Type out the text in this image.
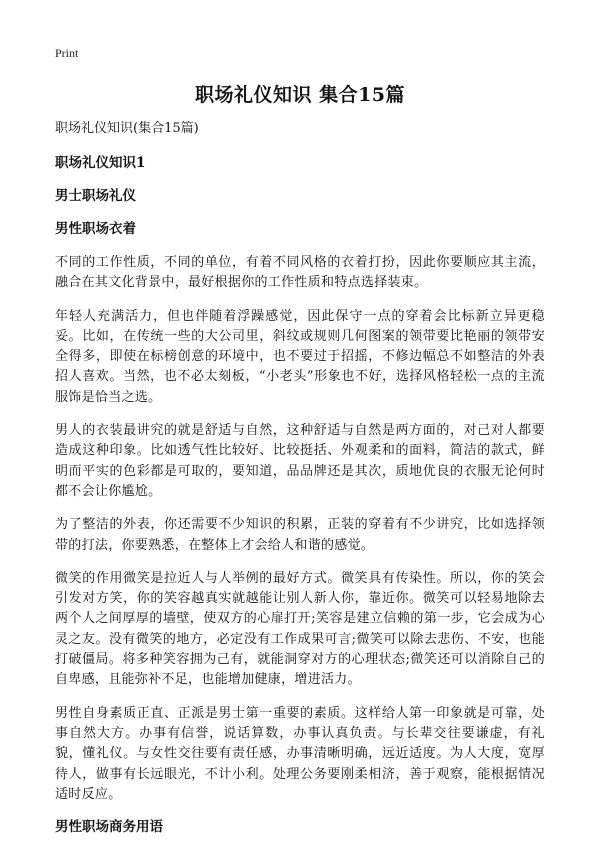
Print
职场礼仪知识 集合15篇
职场礼仪知识(集合15篇)
职场礼仪知识1
男士职场礼仪
男性职场衣着

不同的工作性质，不同的单位，有着不同风格的衣着打扮，因此你要顺应其主流，融合在其文化背景中，最好根据你的工作性质和特点选择装束。

年轻人充满活力，但也伴随着浮躁感觉，因此保守一点的穿着会比标新立异更稳妥。比如，在传统一些的大公司里，斜纹或规则几何图案的领带要比艳丽的领带安全得多，即使在标榜创意的环境中，也不要过于招摇，不修边幅总不如整洁的外表招人喜欢。当然，也不必太刻板，“小老头”形象也不好，选择风格轻松一点的主流服饰是恰当之选。

男人的衣装最讲究的就是舒适与自然，这种舒适与自然是两方面的，对己对人都要造成这种印象。比如透气性比较好、比较挺括、外观柔和的面料，简洁的款式，鲜明而平实的色彩都是可取的，要知道，品品牌还是其次，质地优良的衣服无论何时都不会让你尴尬。

为了整洁的外表，你还需要不少知识的积累，正装的穿着有不少讲究，比如选择领带的打法，你要熟悉，在整体上才会给人和谐的感觉。

微笑的作用微笑是拉近人与人举例的最好方式。微笑具有传染性。所以，你的笑会引发对方笑，你的笑容越真实就越能让别人新人你，靠近你。微笑可以轻易地除去两个人之间厚厚的墙壁，使双方的心扉打开;笑容是建立信赖的第一步，它会成为心灵之友。没有微笑的地方，必定没有工作成果可言;微笑可以除去悲伤、不安，也能打破僵局。将多种笑容拥为己有，就能洞穿对方的心理状态;微笑还可以消除自己的自卑感，且能弥补不足，也能增加健康，增进活力。

男性自身素质正直、正派是男士第一重要的素质。这样给人第一印象就是可靠，处事自然大方。办事有信誉，说话算数，办事认真负责。与长辈交往要谦虚，有礼貌，懂礼仪。与女性交往要有责任感，办事清晰明确，远近适度。为人大度，宽厚待人，做事有长远眼光，不计小利。处理公务要刚柔相济，善于观察，能根据情况适时反应。

男性职场商务用语
